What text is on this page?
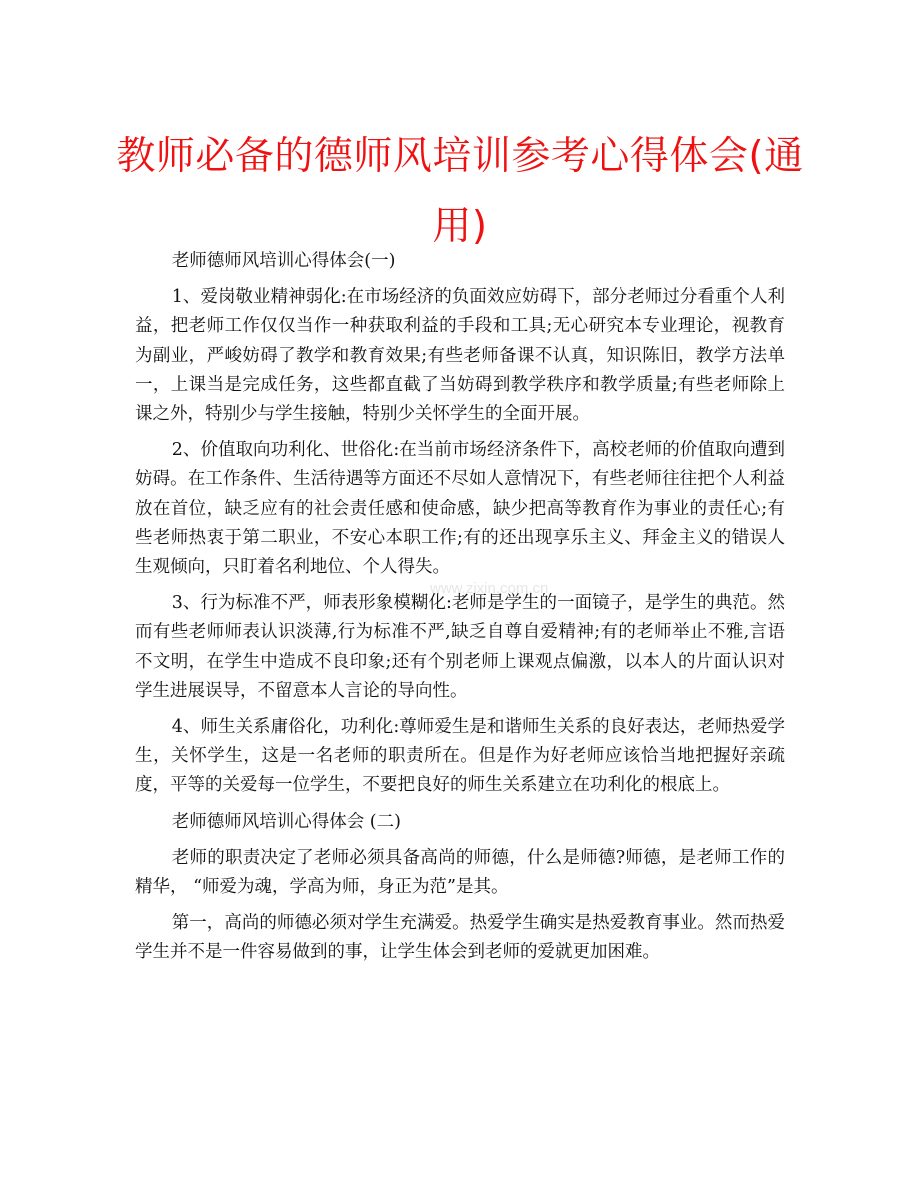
教师必备的德师风培训参考心得体会(通用)
www.zixin.com.cn

老师德师风培训心得体会(一)

1、爱岗敬业精神弱化:在市场经济的负面效应妨碍下，部分老师过分看重个人利益，把老师工作仅仅当作一种获取利益的手段和工具;无心研究本专业理论，视教育为副业，严峻妨碍了教学和教育效果;有些老师备课不认真，知识陈旧，教学方法单一，上课当是完成任务，这些都直截了当妨碍到教学秩序和教学质量;有些老师除上课之外，特别少与学生接触，特别少关怀学生的全面开展。

2、价值取向功利化、世俗化:在当前市场经济条件下，高校老师的价值取向遭到妨碍。在工作条件、生活待遇等方面还不尽如人意情况下，有些老师往往把个人利益放在首位，缺乏应有的社会责任感和使命感，缺少把高等教育作为事业的责任心;有些老师热衷于第二职业，不安心本职工作;有的还出现享乐主义、拜金主义的错误人生观倾向，只盯着名利地位、个人得失。

3、行为标准不严，师表形象模糊化:老师是学生的一面镜子，是学生的典范。然而有些老师师表认识淡薄,行为标准不严,缺乏自尊自爱精神;有的老师举止不雅,言语不文明，在学生中造成不良印象;还有个别老师上课观点偏激，以本人的片面认识对学生进展误导，不留意本人言论的导向性。

4、师生关系庸俗化，功利化:尊师爱生是和谐师生关系的良好表达，老师热爱学生，关怀学生，这是一名老师的职责所在。但是作为好老师应该恰当地把握好亲疏度，平等的关爱每一位学生，不要把良好的师生关系建立在功利化的根底上。

老师德师风培训心得体会 (二)

老师的职责决定了老师必须具备高尚的师德，什么是师德?师德，是老师工作的精华， “师爱为魂，学高为师，身正为范”是其。

第一，高尚的师德必须对学生充满爱。热爱学生确实是热爱教育事业。然而热爱学生并不是一件容易做到的事，让学生体会到老师的爱就更加困难。
